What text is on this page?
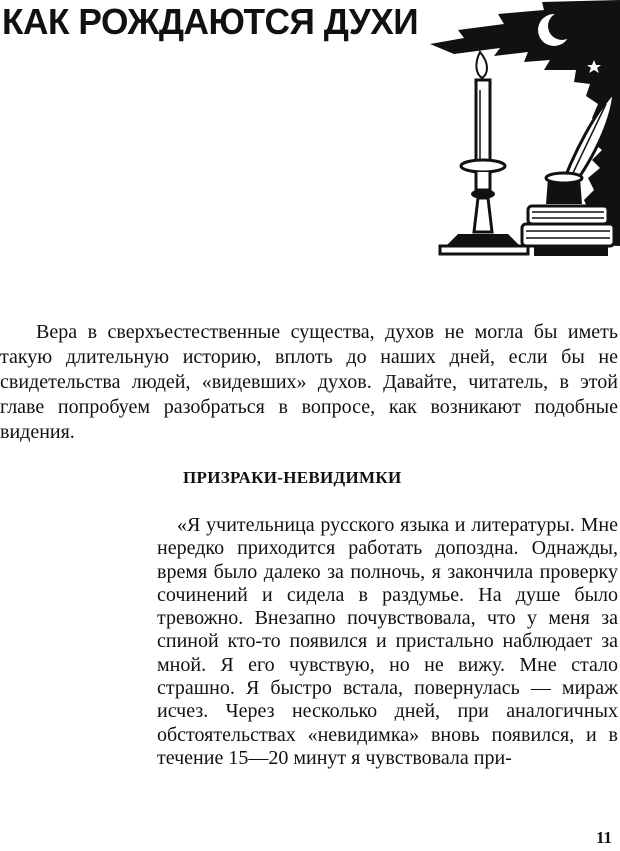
КАК РОЖДАЮТСЯ ДУХИ

Вера в сверхъестественные существа, духов не могла бы иметь такую длительную историю, вплоть до наших дней, если бы не свидетельства людей, «видевших» духов. Давайте, читатель, в этой главе попробуем разобраться в вопросе, как возникают подобные видения.

ПРИЗРАКИ-НЕВИДИМКИ

«Я учительница русского языка и литературы. Мне нередко приходится работать допоздна. Однажды, время было далеко за полночь, я закончила проверку сочинений и сидела в раздумье. На душе было тревожно. Внезапно почувствовала, что у меня за спиной кто-то появился и пристально наблюдает за мной. Я его чувствую, но не вижу. Мне стало страшно. Я быстро встала, повернулась — мираж исчез. Через несколько дней, при аналогичных обстоятельствах «невидимка» вновь появился, и в течение 15—20 минут я чувствовала при-

11
